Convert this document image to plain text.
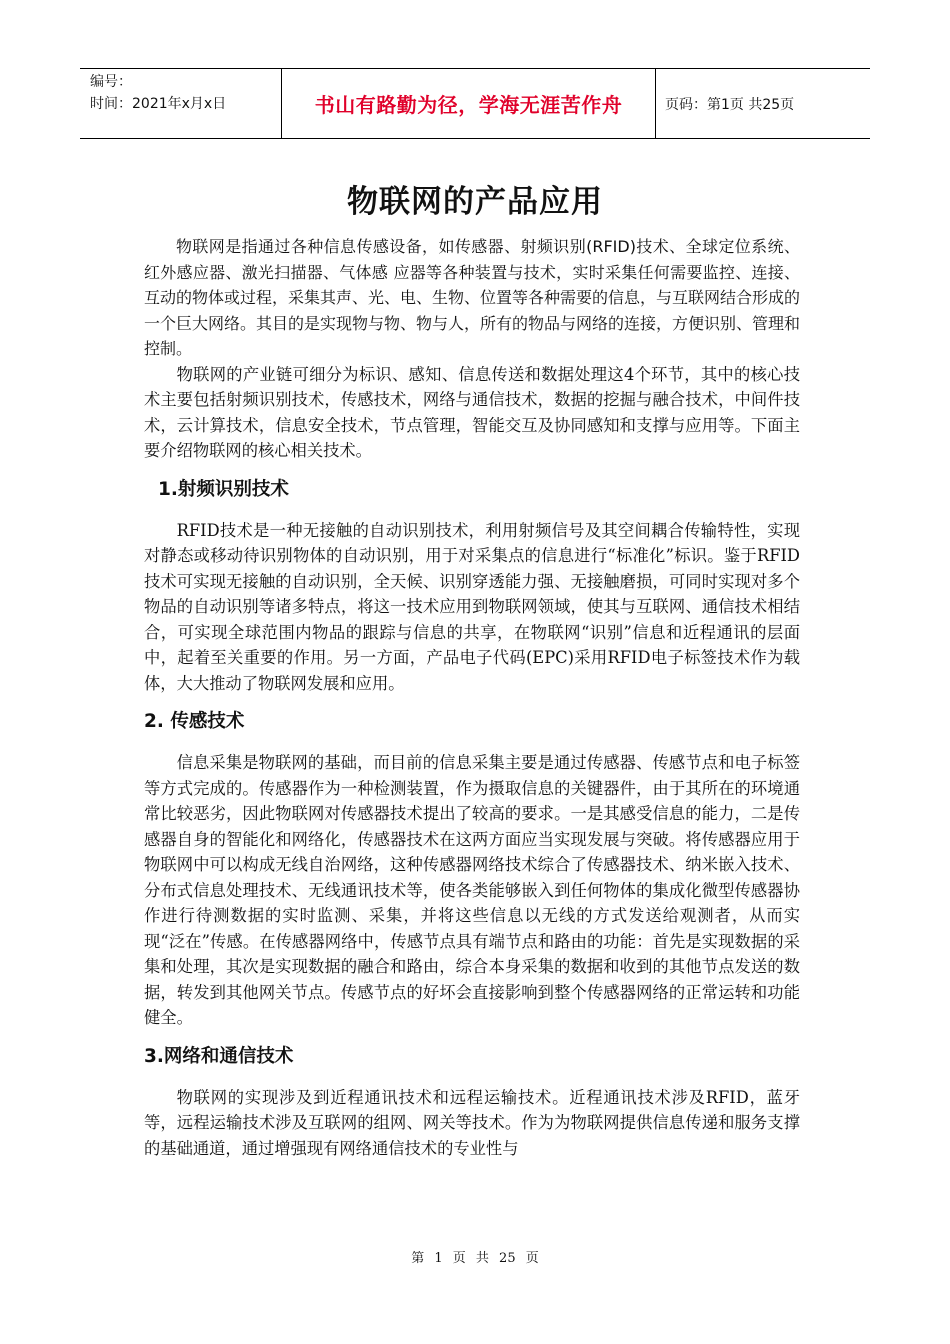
编号：
时间：2021年x月x日	书山有路勤为径，学海无涯苦作舟	页码：第1页 共25页
物联网的产品应用

物联网是指通过各种信息传感设备，如传感器、射频识别(RFID)技术、全球定位系统、红外感应器、激光扫描器、气体感 应器等各种装置与技术，实时采集任何需要监控、连接、互动的物体或过程，采集其声、光、电、生物、位置等各种需要的信息，与互联网结合形成的一个巨大网络。其目的是实现物与物、物与人，所有的物品与网络的连接，方便识别、管理和控制。

物联网的产业链可细分为标识、感知、信息传送和数据处理这4个环节，其中的核心技术主要包括射频识别技术，传感技术，网络与通信技术，数据的挖掘与融合技术，中间件技术，云计算技术，信息安全技术，节点管理，智能交互及协同感知和支撑与应用等。下面主要介绍物联网的核心相关技术。

1.射频识别技术

RFID技术是一种无接触的自动识别技术，利用射频信号及其空间耦合传输特性，实现对静态或移动待识别物体的自动识别，用于对采集点的信息进行“标准化”标识。鉴于RFID技术可实现无接触的自动识别，全天候、识别穿透能力强、无接触磨损，可同时实现对多个物品的自动识别等诸多特点，将这一技术应用到物联网领域，使其与互联网、通信技术相结合，可实现全球范围内物品的跟踪与信息的共享，在物联网“识别”信息和近程通讯的层面中，起着至关重要的作用。另一方面，产品电子代码(EPC)采用RFID电子标签技术作为载体，大大推动了物联网发展和应用。

2. 传感技术

信息采集是物联网的基础，而目前的信息采集主要是通过传感器、传感节点和电子标签等方式完成的。传感器作为一种检测装置，作为摄取信息的关键器件，由于其所在的环境通常比较恶劣，因此物联网对传感器技术提出了较高的要求。一是其感受信息的能力，二是传感器自身的智能化和网络化，传感器技术在这两方面应当实现发展与突破。将传感器应用于物联网中可以构成无线自治网络，这种传感器网络技术综合了传感器技术、纳米嵌入技术、分布式信息处理技术、无线通讯技术等，使各类能够嵌入到任何物体的集成化微型传感器协作进行待测数据的实时监测、采集，并将这些信息以无线的方式发送给观测者，从而实现“泛在”传感。在传感器网络中，传感节点具有端节点和路由的功能：首先是实现数据的采集和处理，其次是实现数据的融合和路由，综合本身采集的数据和收到的其他节点发送的数据，转发到其他网关节点。传感节点的好坏会直接影响到整个传感器网络的正常运转和功能健全。

3.网络和通信技术

物联网的实现涉及到近程通讯技术和远程运输技术。近程通讯技术涉及RFID，蓝牙等，远程运输技术涉及互联网的组网、网关等技术。作为为物联网提供信息传递和服务支撑的基础通道，通过增强现有网络通信技术的专业性与

第 1 页 共 25 页
